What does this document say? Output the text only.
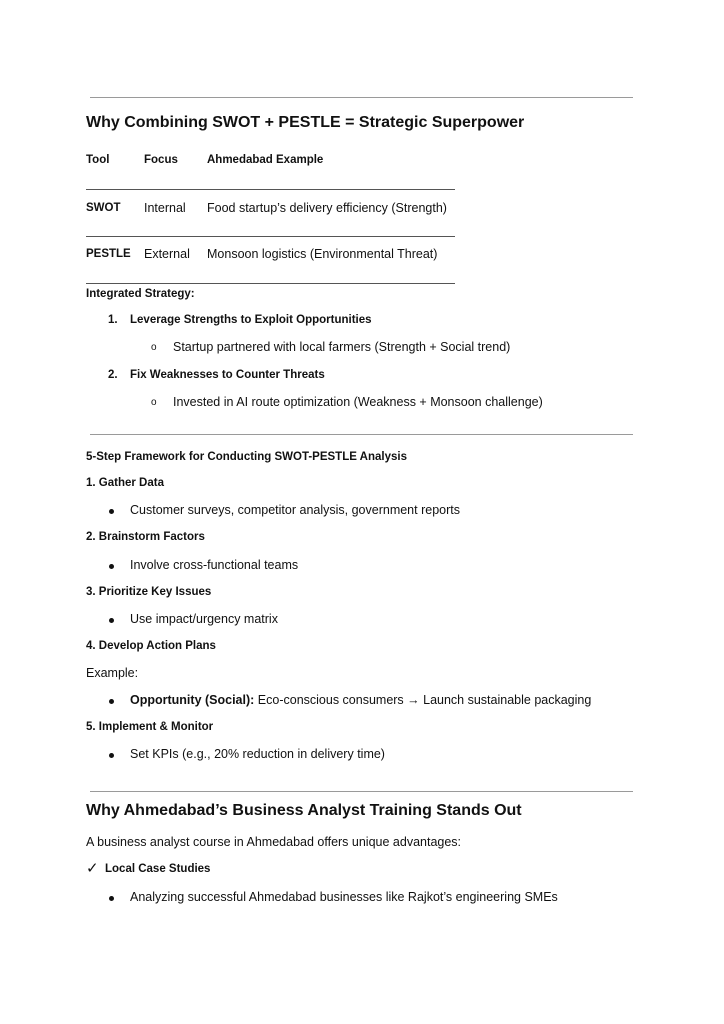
Why Combining SWOT + PESTLE = Strategic Superpower
Tool	Focus	Ahmedabad Example
SWOT Internal Food startup’s delivery efficiency (Strength)
PESTLE External Monsoon logistics (Environmental Threat)
Integrated Strategy:
1. Leverage Strengths to Exploit Opportunities
o Startup partnered with local farmers (Strength + Social trend)
2. Fix Weaknesses to Counter Threats
o Invested in AI route optimization (Weakness + Monsoon challenge)
5-Step Framework for Conducting SWOT-PESTLE Analysis
1. Gather Data
Customer surveys, competitor analysis, government reports
2. Brainstorm Factors
Involve cross-functional teams
3. Prioritize Key Issues
Use impact/urgency matrix
4. Develop Action Plans
Example:
Opportunity (Social): Eco-conscious consumers → Launch sustainable packaging
5. Implement & Monitor
Set KPIs (e.g., 20% reduction in delivery time)
Why Ahmedabad’s Business Analyst Training Stands Out
A business analyst course in Ahmedabad offers unique advantages:
✓ Local Case Studies
Analyzing successful Ahmedabad businesses like Rajkot’s engineering SMEs
